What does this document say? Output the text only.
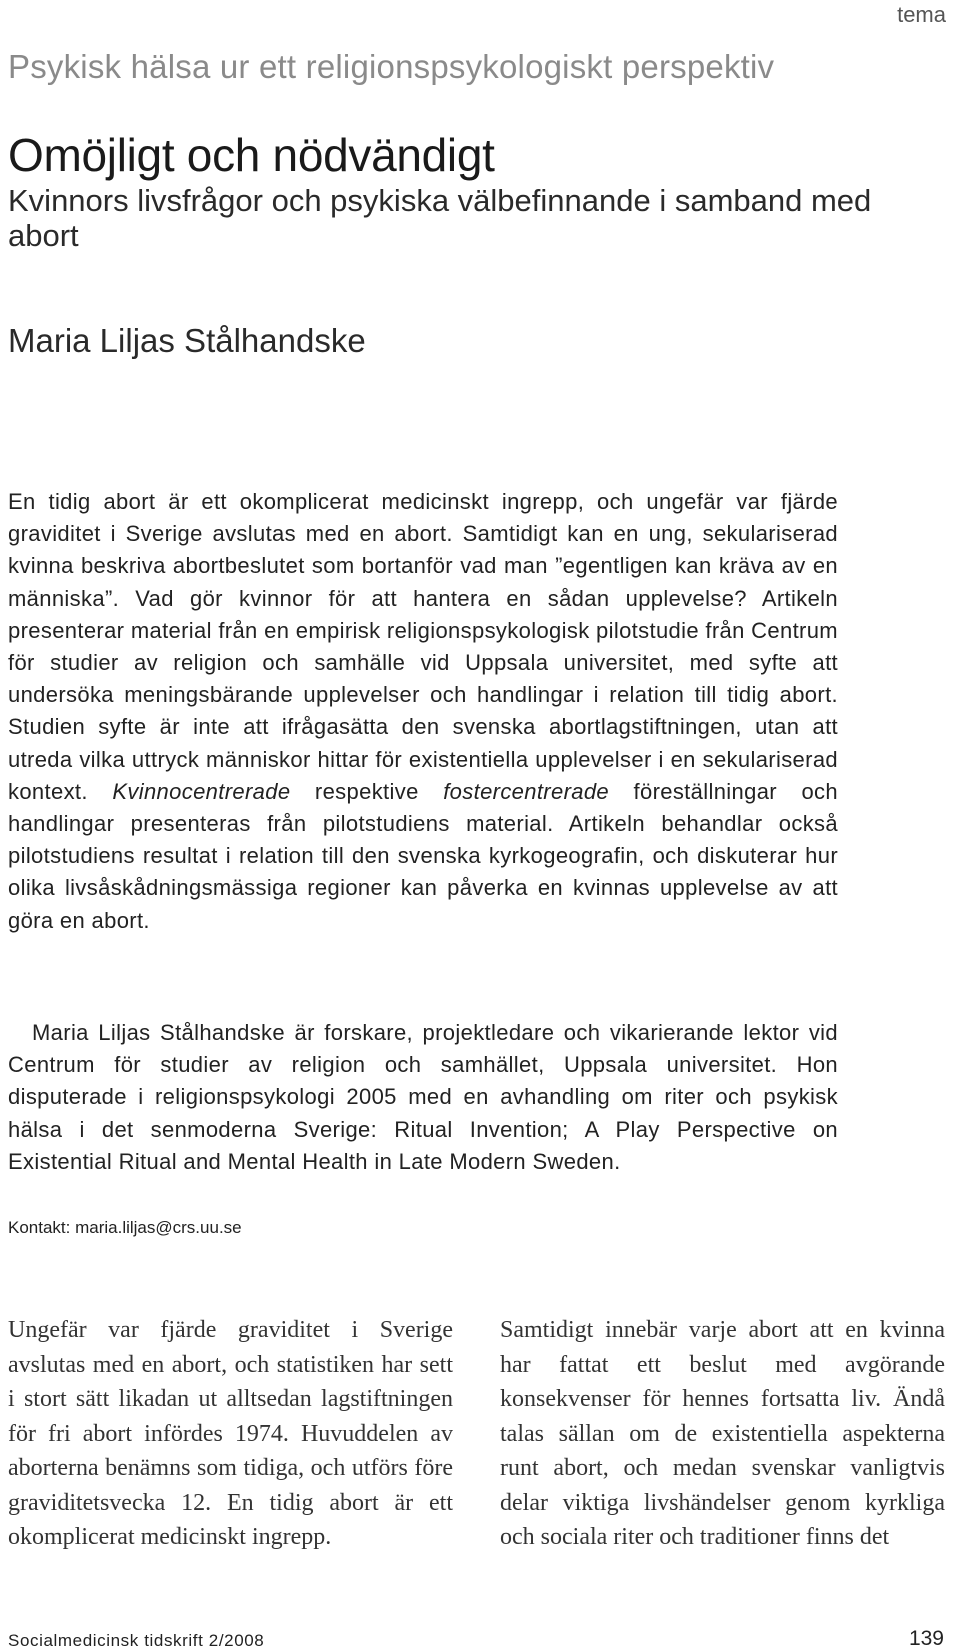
tema
Psykisk hälsa ur ett religionspsykologiskt perspektiv
Omöjligt och nödvändigt
Kvinnors livsfrågor och psykiska välbefinnande i samband med abort
Maria Liljas Stålhandske

En tidig abort är ett okomplicerat medicinskt ingrepp, och ungefär var fjärde graviditet i Sverige avslutas med en abort. Samtidigt kan en ung, sekulariserad kvinna beskriva abortbeslutet som bortanför vad man ”egentligen kan kräva av en människa”. Vad gör kvinnor för att hantera en sådan upplevelse? Artikeln presenterar material från en empirisk religionspsykologisk pilotstudie från Centrum för studier av religion och samhälle vid Uppsala universitet, med syfte att undersöka meningsbärande upplevelser och handlingar i relation till tidig abort. Studien syfte är inte att ifrågasätta den svenska abortlagstiftningen, utan att utreda vilka uttryck människor hittar för existentiella upplevelser i en sekulariserad kontext. Kvinnocentrerade respektive fostercentrerade föreställningar och handlingar presenteras från pilotstudiens material. Artikeln behandlar också pilotstudiens resultat i relation till den svenska kyrkogeografin, och diskuterar hur olika livsåskådningsmässiga regioner kan påverka en kvinnas upplevelse av att göra en abort.

Maria Liljas Stålhandske är forskare, projektledare och vikarierande lektor vid Centrum för studier av religion och samhället, Uppsala universitet. Hon disputerade i religionspsykologi 2005 med en avhandling om riter och psykisk hälsa i det senmoderna Sverige: Ritual Invention; A Play Perspective on Existential Ritual and Mental Health in Late Modern Sweden.

Kontakt: maria.liljas@crs.uu.se

Ungefär var fjärde graviditet i Sverige avslutas med en abort, och statistiken har sett i stort sätt likadan ut alltsedan lagstiftningen för fri abort infördes 1974. Huvuddelen av aborterna benämns som tidiga, och utförs före graviditetsvecka 12. En tidig abort är ett okomplicerat medicinskt ingrepp.

Samtidigt innebär varje abort att en kvinna har fattat ett beslut med avgörande konsekvenser för hennes fortsatta liv. Ändå talas sällan om de existentiella aspekterna runt abort, och medan svenskar vanligtvis delar viktiga livshändelser genom kyrkliga och sociala riter och traditioner finns det

Socialmedicinsk tidskrift 2/2008	139
